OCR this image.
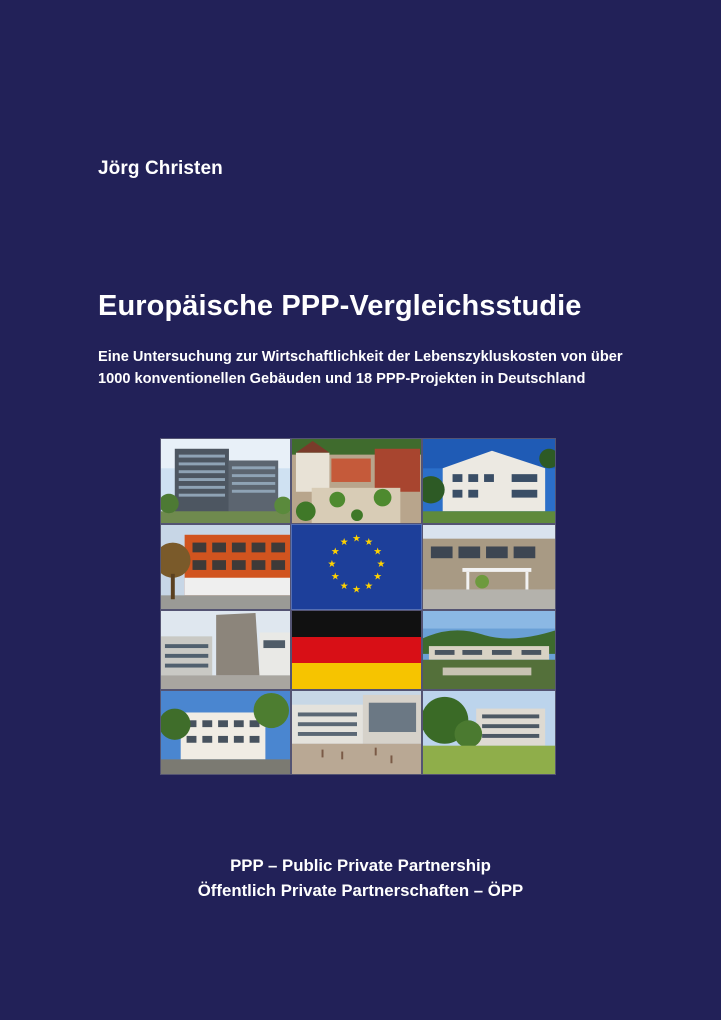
Jörg Christen
Europäische PPP-Vergleichsstudie
Eine Untersuchung zur Wirtschaftlichkeit der Lebenszykluskosten von über
1000 konventionellen Gebäuden und 18 PPP-Projekten in Deutschland
★ ★
★
★
★
★
★
★
★
★
★
★
PPP – Public Private Partnership
Öffentlich Private Partnerschaften – ÖPP
